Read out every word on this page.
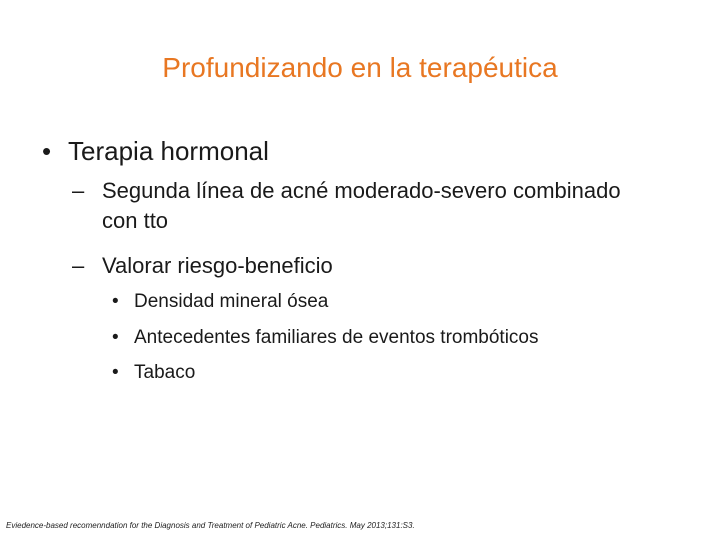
Profundizando en la terapéutica
• Terapia hormonal
– Segunda línea de acné moderado-severo combinado con tto
– Valorar riesgo-beneficio
• Densidad mineral ósea
• Antecedentes familiares de eventos trombóticos
• Tabaco
Eviedence-based recomenndation for the Diagnosis and Treatment of Pediatric Acne. Pediatrics. May 2013;131:S3.
